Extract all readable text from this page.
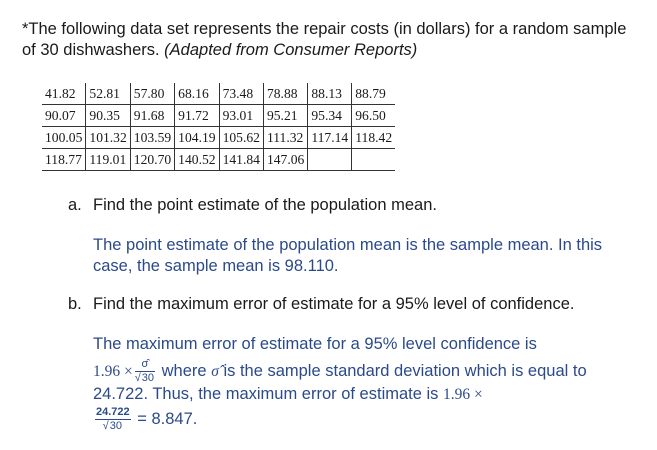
*The following data set represents the repair costs (in dollars) for a random sample of 30 dishwashers. (Adapted from Consumer Reports)
41.82	52.81	57.80	68.16	73.48	78.88	88.13	88.79
90.07	90.35	91.68	91.72	93.01	95.21	95.34	96.50
100.05	101.32	103.59	104.19	105.62	111.32	117.14	118.42
118.77	119.01	120.70	140.52	141.84	147.06		
a. Find the point estimate of the population mean.
The point estimate of the population mean is the sample mean. In this case, the sample mean is 98.110.
b. Find the maximum error of estimate for a 95% level of confidence.
The maximum error of estimate for a 95% level confidence is
$1.96 \times \frac{\sigmâ}{√30}$ where σ̂ is the sample standard deviation which is equal to 24.722. Thus, the maximum error of estimate is 1.96 ×
$\frac{24.722}{√30} = 8.847$.
